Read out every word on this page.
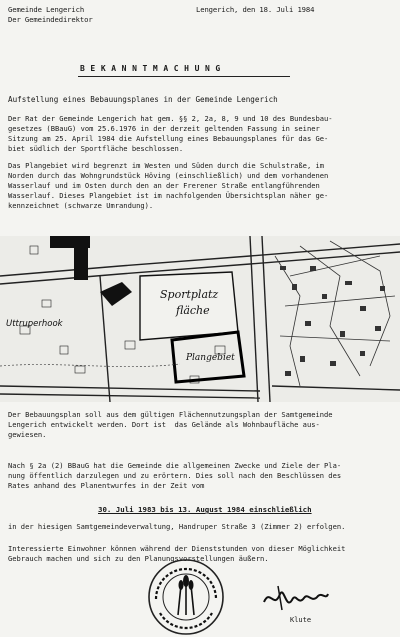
Gemeinde Lengerich
Der Gemeindedirektor
Lengerich, den 18. Juli 1984
BEKANNTMACHUNG
Aufstellung eines Bebauungsplanes in der Gemeinde Lengerich
Der Rat der Gemeinde Lengerich hat gem. §§ 2, 2a, 8, 9 und 10 des Bundesbau-
gesetzes (BBauG) vom 25.6.1976 in der derzeit geltenden Fassung in seiner
Sitzung am 25. April 1984 die Aufstellung eines Bebauungsplanes für das Ge-
biet südlich der Sportfläche beschlossen.
Das Plangebiet wird begrenzt im Westen und Süden durch die Schulstraße, im
Norden durch das Wohngrundstück Höving (einschließlich) und dem vorhandenen
Wasserlauf und im Osten durch den an der Frerener Straße entlangführenden
Wasserlauf. Dieses Plangebiet ist im nachfolgenden Übersichtsplan näher ge-
kennzeichnet (schwarze Umrandung).
Sportplatz
fläche
Plangebiet
Uttruperhook
Der Bebauungsplan soll aus dem gültigen Flächennutzungsplan der Samtgemeinde
Lengerich entwickelt werden. Dort ist  das Gelände als Wohnbaufläche aus-
gewiesen.
Nach § 2a (2) BBauG hat die Gemeinde die allgemeinen Zwecke und Ziele der Pla-
nung öffentlich darzulegen und zu erörtern. Dies soll nach den Beschlüssen des
Rates anhand des Planentwurfes in der Zeit vom
30. Juli 1983 bis 13. August 1984 einschließlich
in der hiesigen Samtgemeindeverwaltung, Handruper Straße 3 (Zimmer 2) erfolgen.
Interessierte Einwohner können während der Dienststunden von dieser Möglichkeit
Gebrauch machen und sich zu den Planungsvorstellungen äußern.
Klute
